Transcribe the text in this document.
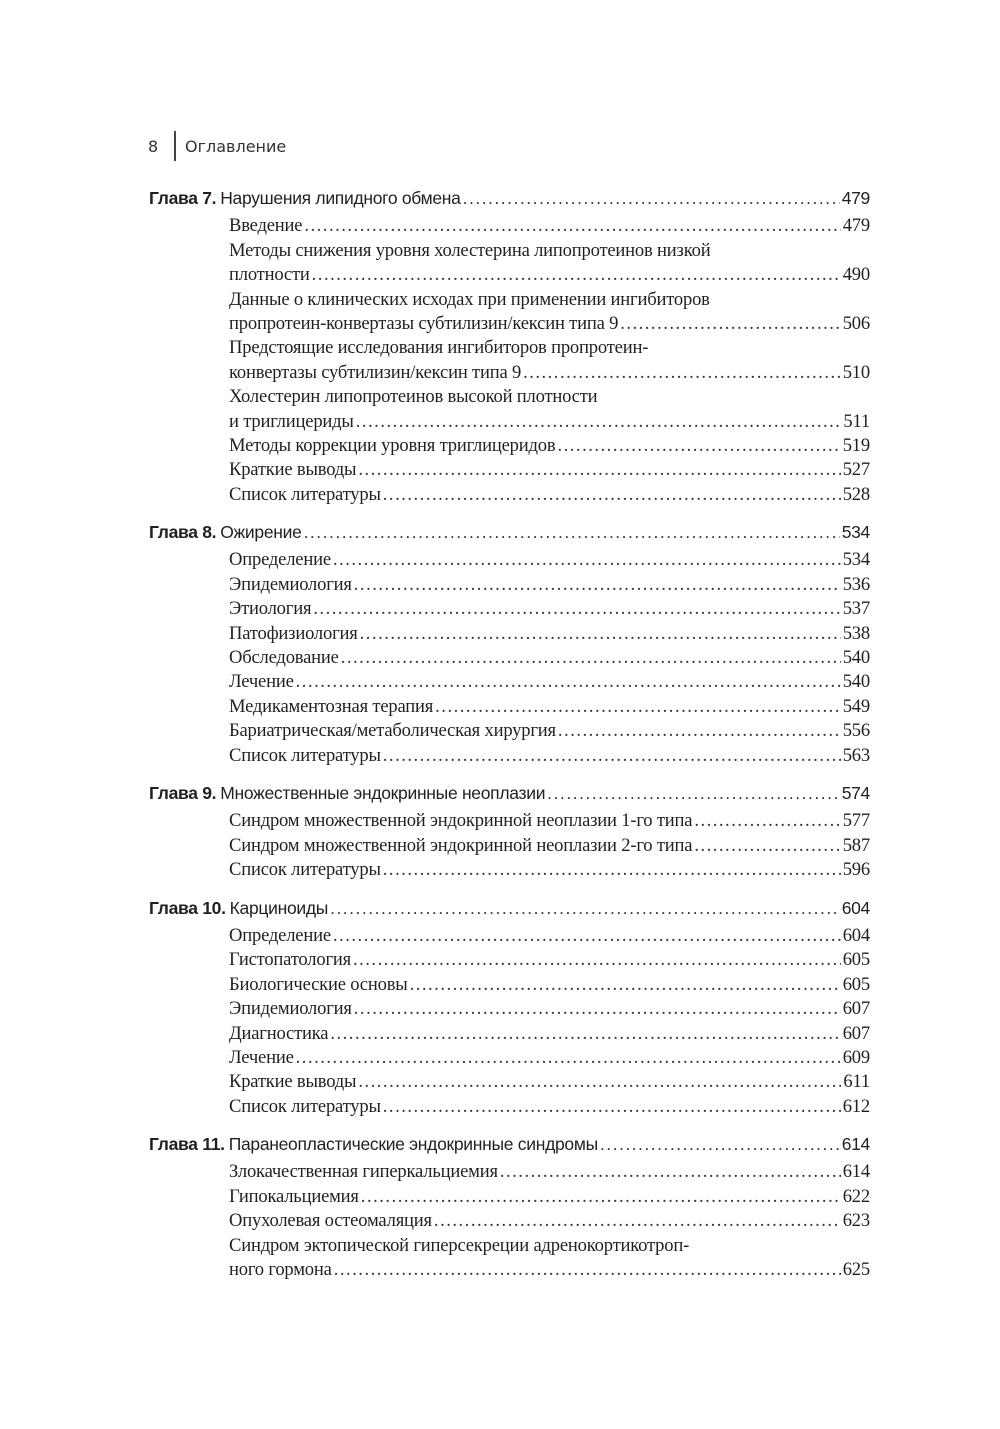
8	Оглавление
Глава 7. Нарушения липидного обмена .....	479
Введение .....	479
Методы снижения уровня холестерина липопротеинов низкой
плотности .....	490
Данные о клинических исходах при применении ингибиторов
пропротеин-конвертазы субтилизин/кексин типа 9 .....	506
Предстоящие исследования ингибиторов пропротеин-
конвертазы субтилизин/кексин типа 9 .....	510
Холестерин липопротеинов высокой плотности
и триглицериды .....	511
Методы коррекции уровня триглицеридов .....	519
Краткие выводы .....	527
Список литературы .....	528
Глава 8. Ожирение .....	534
Определение .....	534
Эпидемиология .....	536
Этиология .....	537
Патофизиология .....	538
Обследование .....	540
Лечение .....	540
Медикаментозная терапия .....	549
Бариатрическая/метаболическая хирургия .....	556
Список литературы .....	563
Глава 9. Множественные эндокринные неоплазии .....	574
Синдром множественной эндокринной неоплазии 1-го типа .....	577
Синдром множественной эндокринной неоплазии 2-го типа .....	587
Список литературы .....	596
Глава 10. Карциноиды .....	604
Определение .....	604
Гистопатология .....	605
Биологические основы .....	605
Эпидемиология .....	607
Диагностика .....	607
Лечение .....	609
Краткие выводы .....	611
Список литературы .....	612
Глава 11. Паранеопластические эндокринные синдромы .....	614
Злокачественная гиперкальциемия .....	614
Гипокальциемия .....	622
Опухолевая остеомаляция .....	623
Синдром эктопической гиперсекреции адренокортикотроп-
ного гормона .....	625
